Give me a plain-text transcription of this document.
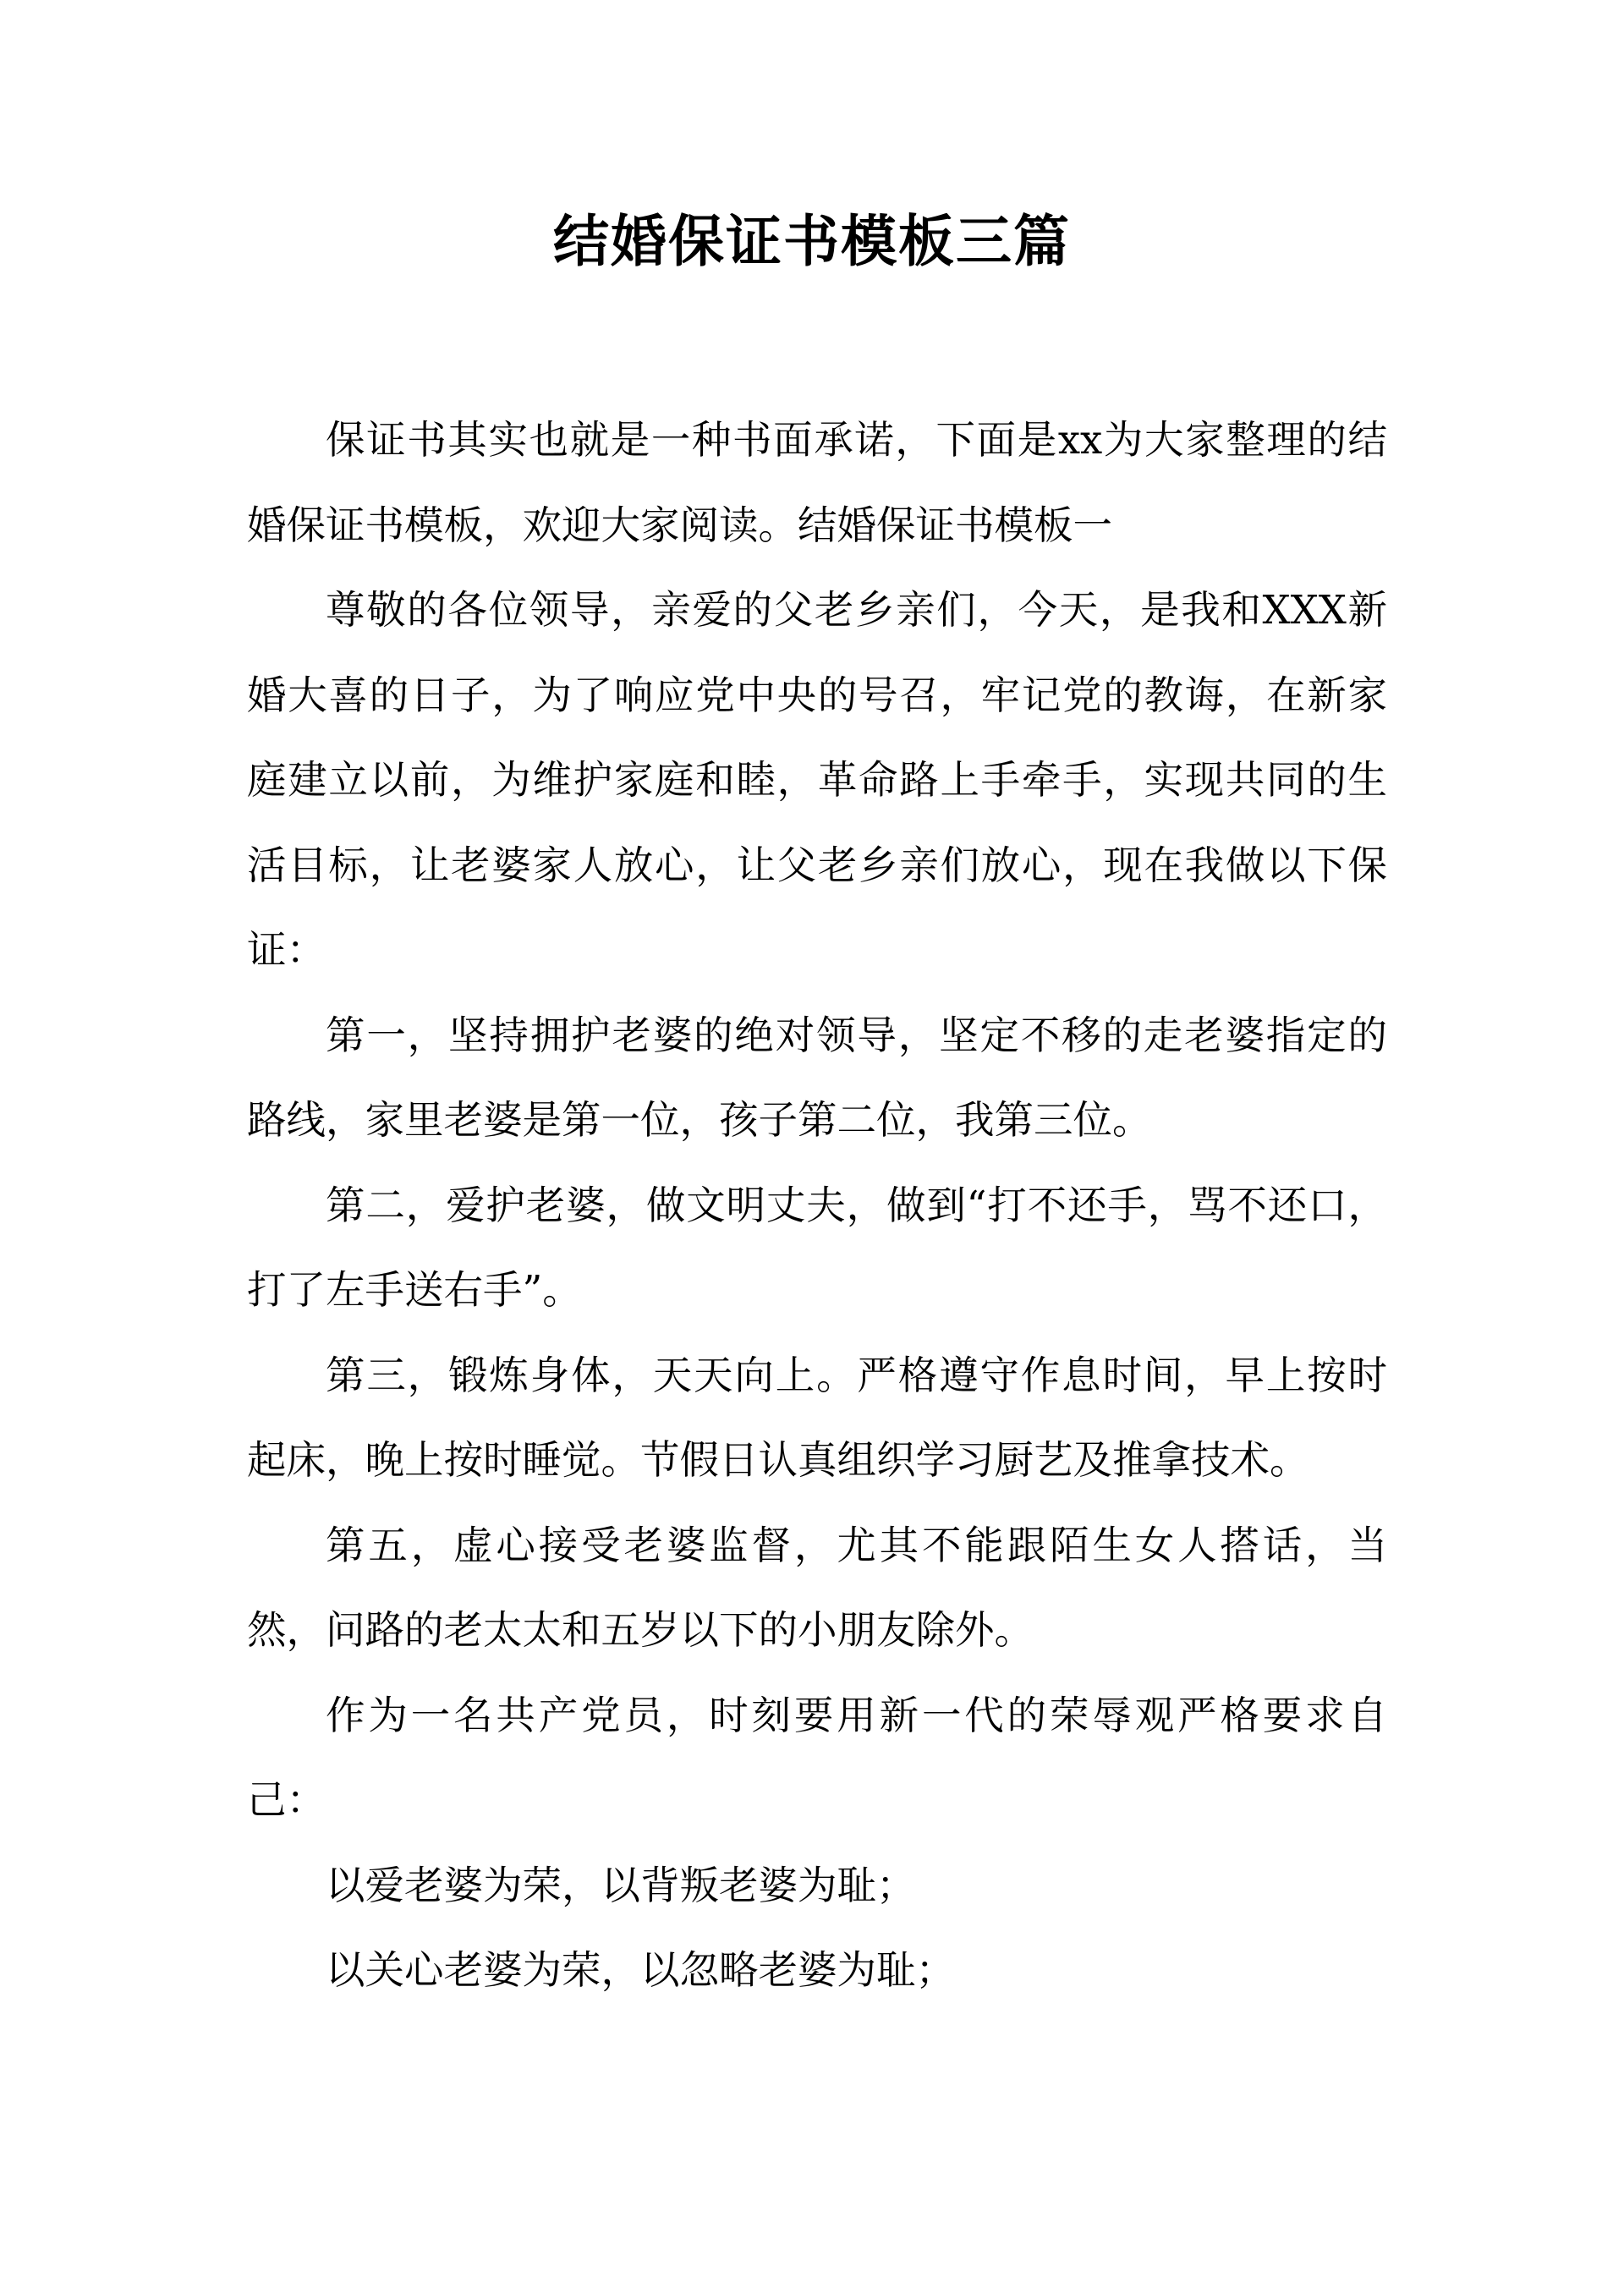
结婚保证书模板三篇

保证书其实也就是一种书面承诺，下面是xx为大家整理的结婚保证书模板，欢迎大家阅读。结婚保证书模板一

尊敬的各位领导，亲爱的父老乡亲们，今天，是我和XXX新婚大喜的日子，为了响应党中央的号召，牢记党的教诲，在新家庭建立以前，为维护家庭和睦，革命路上手牵手，实现共同的生活目标，让老婆家人放心，让父老乡亲们放心，现在我做以下保证：

第一，坚持拥护老婆的绝对领导，坚定不移的走老婆指定的路线，家里老婆是第一位，孩子第二位，我第三位。

第二，爱护老婆，做文明丈夫，做到“打不还手，骂不还口，打了左手送右手”。

第三，锻炼身体，天天向上。严格遵守作息时间，早上按时起床，晚上按时睡觉。节假日认真组织学习厨艺及推拿技术。

第五，虚心接受老婆监督，尤其不能跟陌生女人搭话，当然，问路的老太太和五岁以下的小朋友除外。

作为一名共产党员，时刻要用新一代的荣辱观严格要求自己：

以爱老婆为荣，以背叛老婆为耻；

以关心老婆为荣，以忽略老婆为耻；
